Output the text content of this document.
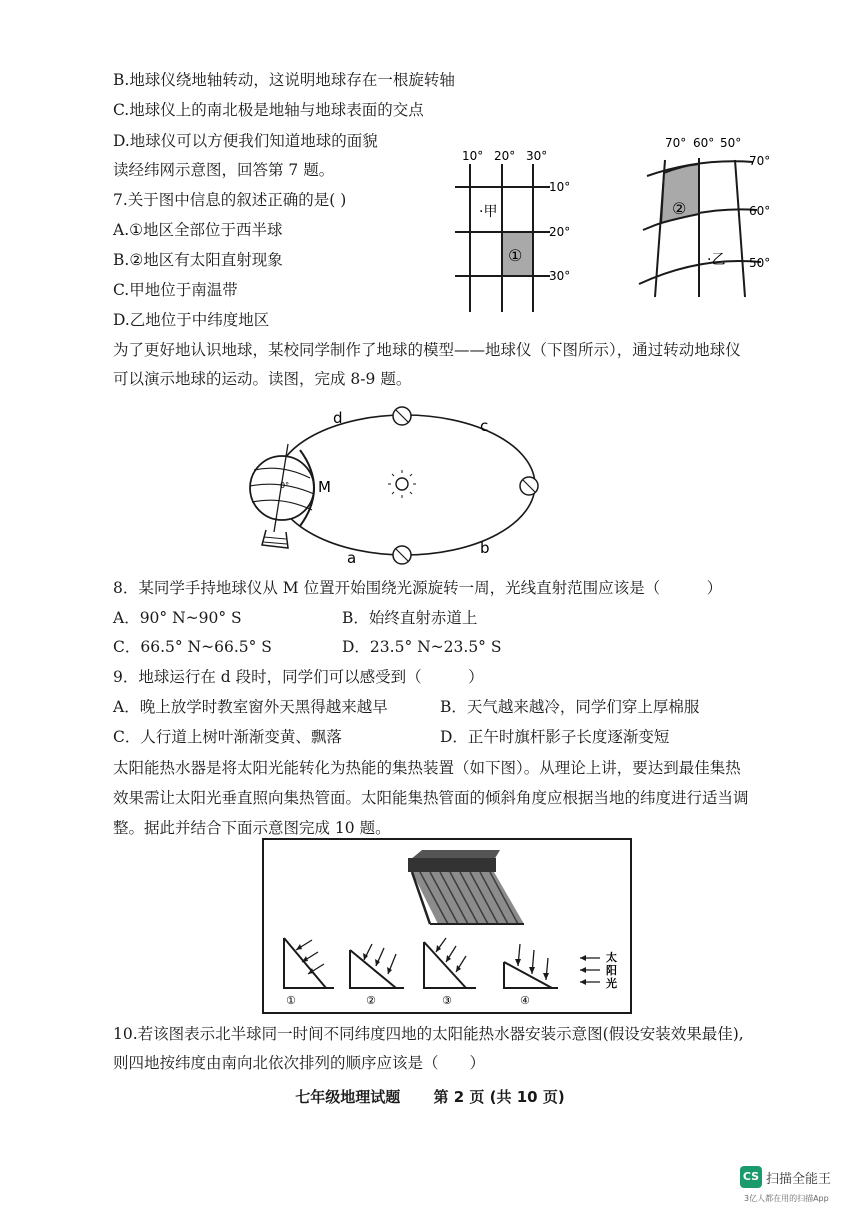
B.地球仪绕地轴转动，这说明地球存在一根旋转轴
C.地球仪上的南北极是地轴与地球表面的交点
D.地球仪可以方便我们知道地球的面貌
读经纬网示意图，回答第 7 题。
7.关于图中信息的叙述正确的是( )
A.①地区全部位于西半球
B.②地区有太阳直射现象
C.甲地位于南温带
D.乙地位于中纬度地区
为了更好地认识地球，某校同学制作了地球的模型——地球仪（下图所示），通过转动地球仪
可以演示地球的运动。读图，完成 8-9 题。
8．某同学手持地球仪从 M 位置开始围绕光源旋转一周，光线直射范围应该是（　　　）
A．90° N~90° S	B．始终直射赤道上
C．66.5° N~66.5° S	D．23.5° N~23.5° S
9．地球运行在 d 段时，同学们可以感受到（　　　）
A．晚上放学时教室窗外天黑得越来越早	B．天气越来越冷，同学们穿上厚棉服
C．人行道上树叶渐渐变黄、飘落	D．正午时旗杆影子长度逐渐变短
太阳能热水器是将太阳光能转化为热能的集热装置（如下图）。从理论上讲，要达到最佳集热
效果需让太阳光垂直照向集热管面。太阳能集热管面的倾斜角度应根据当地的纬度进行适当调
整。据此并结合下面示意图完成 10 题。
10.若该图表示北半球同一时间不同纬度四地的太阳能热水器安装示意图(假设安装效果最佳),
则四地按纬度由南向北依次排列的顺序应该是（　　）
10° 20° 30°
10°
20°
30°
①
·甲
70° 60° 50°
70°
60°
50°
②
·乙
0° M
d	c
a
b
①	②	③	④
太
阳
光
七年级地理试题 第 2 页 (共 10 页)
CS 扫描全能王
3亿人都在用的扫描App
